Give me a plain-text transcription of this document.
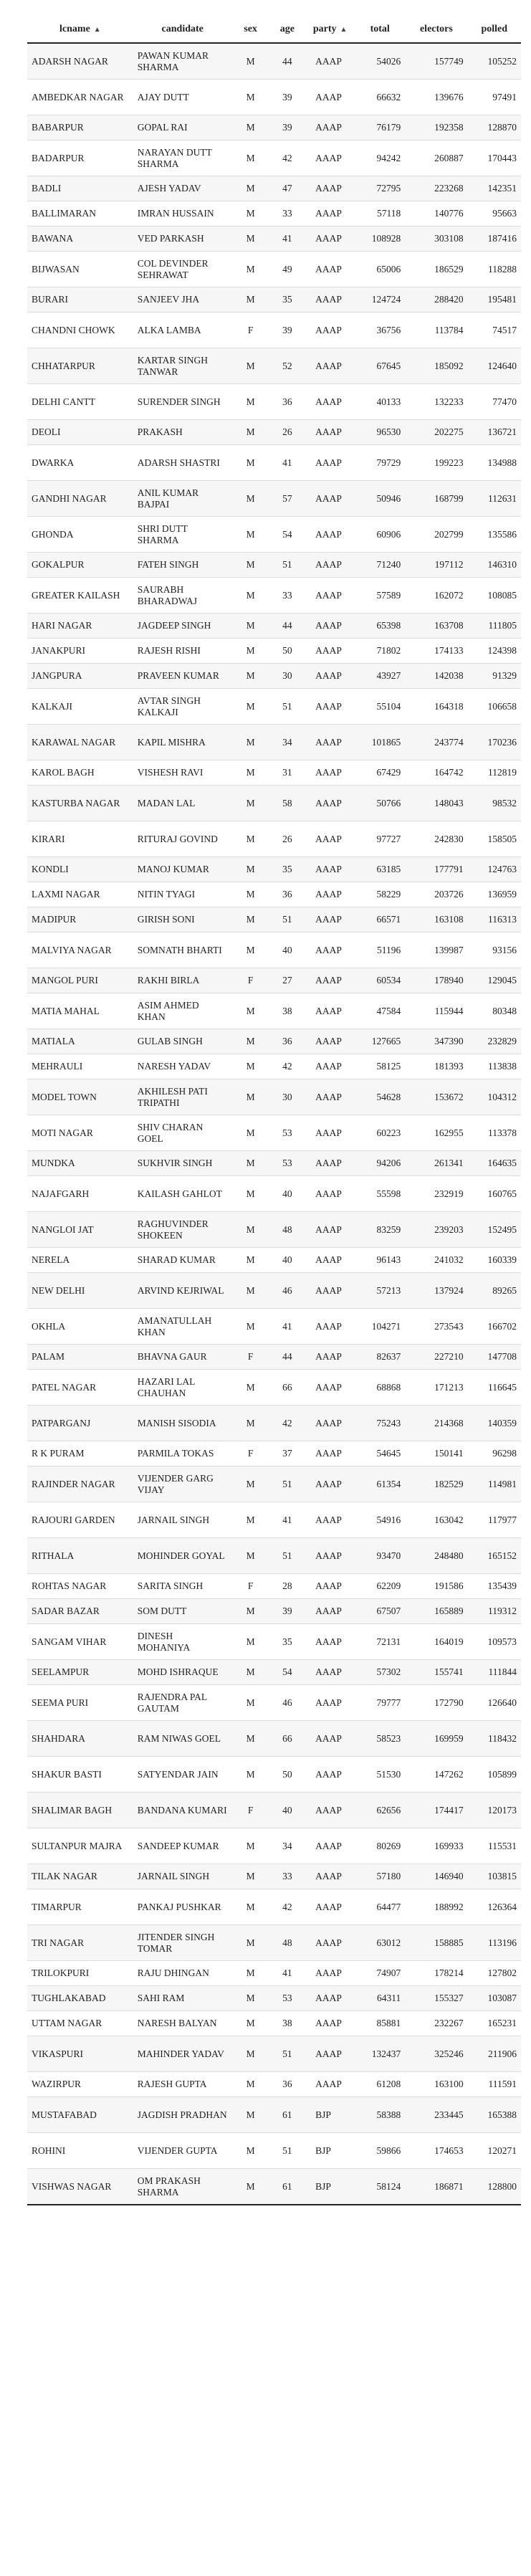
lcname ▲	candidate	sex	age	party ▲	total	electors	polled
ADARSH NAGAR	PAWAN KUMAR SHARMA	M	44	AAAP	54026	157749	105252
AMBEDKAR NAGAR	AJAY DUTT	M	39	AAAP	66632	139676	97491
BABARPUR	GOPAL RAI	M	39	AAAP	76179	192358	128870
BADARPUR	NARAYAN DUTT SHARMA	M	42	AAAP	94242	260887	170443
BADLI	AJESH YADAV	M	47	AAAP	72795	223268	142351
BALLIMARAN	IMRAN HUSSAIN	M	33	AAAP	57118	140776	95663
BAWANA	VED PARKASH	M	41	AAAP	108928	303108	187416
BIJWASAN	COL DEVINDER SEHRAWAT	M	49	AAAP	65006	186529	118288
BURARI	SANJEEV JHA	M	35	AAAP	124724	288420	195481
CHANDNI CHOWK	ALKA LAMBA	F	39	AAAP	36756	113784	74517
CHHATARPUR	KARTAR SINGH TANWAR	M	52	AAAP	67645	185092	124640
DELHI CANTT	SURENDER SINGH	M	36	AAAP	40133	132233	77470
DEOLI	PRAKASH	M	26	AAAP	96530	202275	136721
DWARKA	ADARSH SHASTRI	M	41	AAAP	79729	199223	134988
GANDHI NAGAR	ANIL KUMAR BAJPAI	M	57	AAAP	50946	168799	112631
GHONDA	SHRI DUTT SHARMA	M	54	AAAP	60906	202799	135586
GOKALPUR	FATEH SINGH	M	51	AAAP	71240	197112	146310
GREATER KAILASH	SAURABH BHARADWAJ	M	33	AAAP	57589	162072	108085
HARI NAGAR	JAGDEEP SINGH	M	44	AAAP	65398	163708	111805
JANAKPURI	RAJESH RISHI	M	50	AAAP	71802	174133	124398
JANGPURA	PRAVEEN KUMAR	M	30	AAAP	43927	142038	91329
KALKAJI	AVTAR SINGH KALKAJI	M	51	AAAP	55104	164318	106658
KARAWAL NAGAR	KAPIL MISHRA	M	34	AAAP	101865	243774	170236
KAROL BAGH	VISHESH RAVI	M	31	AAAP	67429	164742	112819
KASTURBA NAGAR	MADAN LAL	M	58	AAAP	50766	148043	98532
KIRARI	RITURAJ GOVIND	M	26	AAAP	97727	242830	158505
KONDLI	MANOJ KUMAR	M	35	AAAP	63185	177791	124763
LAXMI NAGAR	NITIN TYAGI	M	36	AAAP	58229	203726	136959
MADIPUR	GIRISH SONI	M	51	AAAP	66571	163108	116313
MALVIYA NAGAR	SOMNATH BHARTI	M	40	AAAP	51196	139987	93156
MANGOL PURI	RAKHI BIRLA	F	27	AAAP	60534	178940	129045
MATIA MAHAL	ASIM AHMED KHAN	M	38	AAAP	47584	115944	80348
MATIALA	GULAB SINGH	M	36	AAAP	127665	347390	232829
MEHRAULI	NARESH YADAV	M	42	AAAP	58125	181393	113838
MODEL TOWN	AKHILESH PATI TRIPATHI	M	30	AAAP	54628	153672	104312
MOTI NAGAR	SHIV CHARAN GOEL	M	53	AAAP	60223	162955	113378
MUNDKA	SUKHVIR SINGH	M	53	AAAP	94206	261341	164635
NAJAFGARH	KAILASH GAHLOT	M	40	AAAP	55598	232919	160765
NANGLOI JAT	RAGHUVINDER SHOKEEN	M	48	AAAP	83259	239203	152495
NERELA	SHARAD KUMAR	M	40	AAAP	96143	241032	160339
NEW DELHI	ARVIND KEJRIWAL	M	46	AAAP	57213	137924	89265
OKHLA	AMANATULLAH KHAN	M	41	AAAP	104271	273543	166702
PALAM	BHAVNA GAUR	F	44	AAAP	82637	227210	147708
PATEL NAGAR	HAZARI LAL CHAUHAN	M	66	AAAP	68868	171213	116645
PATPARGANJ	MANISH SISODIA	M	42	AAAP	75243	214368	140359
R K PURAM	PARMILA TOKAS	F	37	AAAP	54645	150141	96298
RAJINDER NAGAR	VIJENDER GARG VIJAY	M	51	AAAP	61354	182529	114981
RAJOURI GARDEN	JARNAIL SINGH	M	41	AAAP	54916	163042	117977
RITHALA	MOHINDER GOYAL	M	51	AAAP	93470	248480	165152
ROHTAS NAGAR	SARITA SINGH	F	28	AAAP	62209	191586	135439
SADAR BAZAR	SOM DUTT	M	39	AAAP	67507	165889	119312
SANGAM VIHAR	DINESH MOHANIYA	M	35	AAAP	72131	164019	109573
SEELAMPUR	MOHD ISHRAQUE	M	54	AAAP	57302	155741	111844
SEEMA PURI	RAJENDRA PAL GAUTAM	M	46	AAAP	79777	172790	126640
SHAHDARA	RAM NIWAS GOEL	M	66	AAAP	58523	169959	118432
SHAKUR BASTI	SATYENDAR JAIN	M	50	AAAP	51530	147262	105899
SHALIMAR BAGH	BANDANA KUMARI	F	40	AAAP	62656	174417	120173
SULTANPUR MAJRA	SANDEEP KUMAR	M	34	AAAP	80269	169933	115531
TILAK NAGAR	JARNAIL SINGH	M	33	AAAP	57180	146940	103815
TIMARPUR	PANKAJ PUSHKAR	M	42	AAAP	64477	188992	126364
TRI NAGAR	JITENDER SINGH TOMAR	M	48	AAAP	63012	158885	113196
TRILOKPURI	RAJU DHINGAN	M	41	AAAP	74907	178214	127802
TUGHLAKABAD	SAHI RAM	M	53	AAAP	64311	155327	103087
UTTAM NAGAR	NARESH BALYAN	M	38	AAAP	85881	232267	165231
VIKASPURI	MAHINDER YADAV	M	51	AAAP	132437	325246	211906
WAZIRPUR	RAJESH GUPTA	M	36	AAAP	61208	163100	111591
MUSTAFABAD	JAGDISH PRADHAN	M	61	BJP	58388	233445	165388
ROHINI	VIJENDER GUPTA	M	51	BJP	59866	174653	120271
VISHWAS NAGAR	OM PRAKASH SHARMA	M	61	BJP	58124	186871	128800
